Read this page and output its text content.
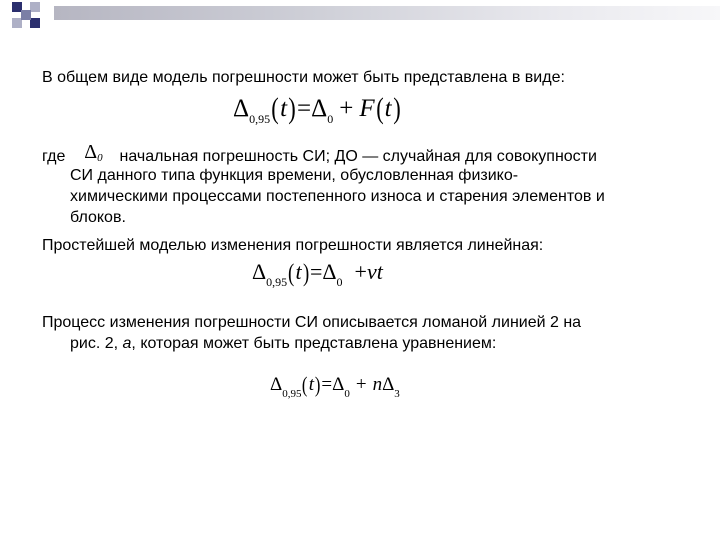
В общем виде модель погрешности может быть представлена в виде:
$\Delta_{0,95}(t)=\Delta_0 + F(t)$
где Δ0  начальная погрешность СИ; ДО — случайная для совокупности
СИ данного типа функция времени, обусловленная физико-
химическими процессами постепенного износа и старения элементов и
блоков.
Простейшей моделью изменения погрешности является линейная:
$\Delta_{0,95}(t)=\Delta_0 +\nu t$
Процесс изменения погрешности СИ описывается ломаной линией 2 на
рис. 2, а, которая может быть представлена уравнением:
$\Delta_{0,95}(t)=\Delta_0 + n\Delta_3$
